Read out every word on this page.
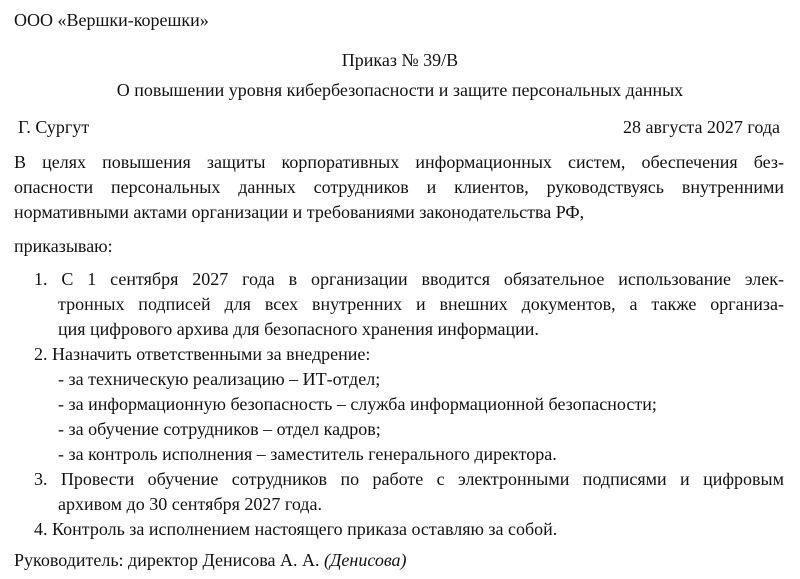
ООО «Вершки-корешки»
Приказ № 39/В
О повышении уровня кибербезопасности и защите персональных данных
Г. Сургут	28 августа 2027 года
В целях повышения защиты корпоративных информационных систем, обеспечения без-
опасности персональных данных сотрудников и клиентов, руководствуясь внутренними
нормативными актами организации и требованиями законодательства РФ,
приказываю:
1. С 1 сентября 2027 года в организации вводится обязательное использование элек-
тронных подписей для всех внутренних и внешних документов, а также организа-
ция цифрового архива для безопасного хранения информации.
2. Назначить ответственными за внедрение:
- за техническую реализацию – ИТ-отдел;
- за информационную безопасность – служба информационной безопасности;
- за обучение сотрудников – отдел кадров;
- за контроль исполнения – заместитель генерального директора.
3. Провести обучение сотрудников по работе с электронными подписями и цифровым
архивом до 30 сентября 2027 года.
4. Контроль за исполнением настоящего приказа оставляю за собой.
Руководитель: директор Денисова А. А. (Денисова)
